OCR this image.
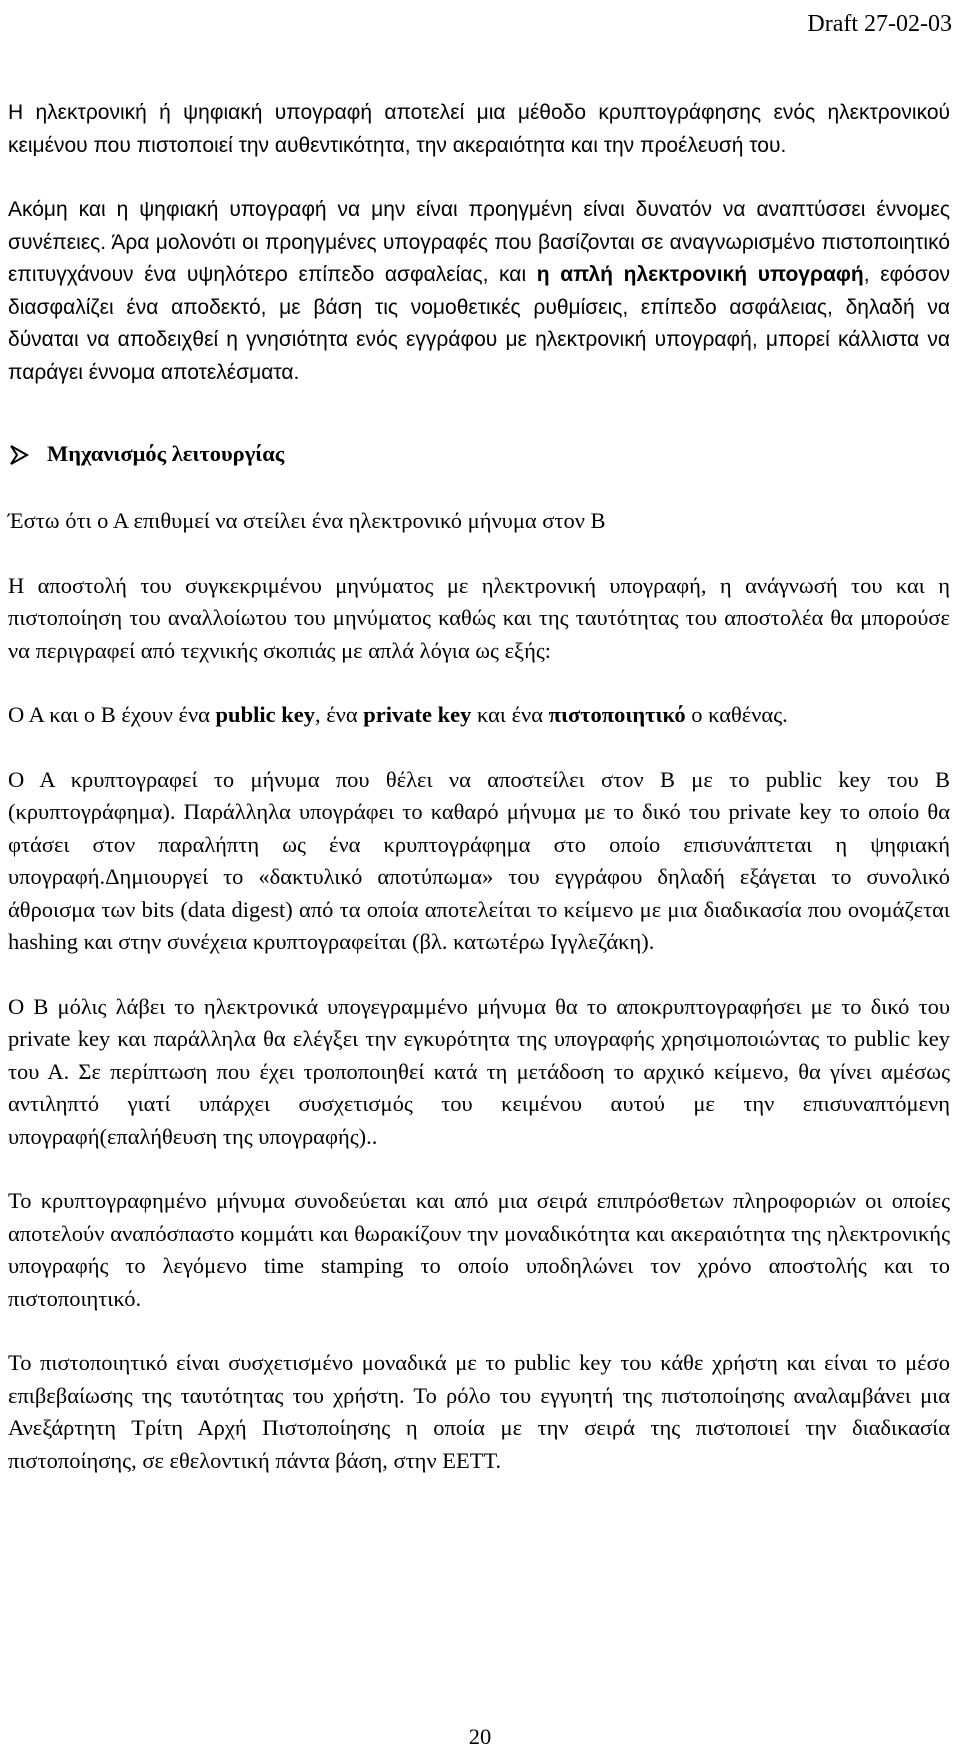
Draft 27-02-03

Η ηλεκτρονική ή ψηφιακή υπογραφή αποτελεί μια μέθοδο κρυπτογράφησης ενός ηλεκτρονικού κειμένου που πιστοποιεί την αυθεντικότητα, την ακεραιότητα και την προέλευσή του.

Ακόμη και η ψηφιακή υπογραφή να μην είναι προηγμένη είναι δυνατόν να αναπτύσσει έννομες συνέπειες. Άρα μολονότι οι προηγμένες υπογραφές που βασίζονται σε αναγνωρισμένο πιστοποιητικό επιτυγχάνουν ένα υψηλότερο επίπεδο ασφαλείας, και η απλή ηλεκτρονική υπογραφή, εφόσον διασφαλίζει ένα αποδεκτό, με βάση τις νομοθετικές ρυθμίσεις, επίπεδο ασφάλειας, δηλαδή να δύναται να αποδειχθεί η γνησιότητα ενός εγγράφου με ηλεκτρονική υπογραφή, μπορεί κάλλιστα να παράγει έννομα αποτελέσματα.

Μηχανισμός λειτουργίας

Έστω ότι ο Α επιθυμεί να στείλει ένα ηλεκτρονικό μήνυμα στον Β

Η αποστολή του συγκεκριμένου μηνύματος με ηλεκτρονική υπογραφή, η ανάγνωσή του και η πιστοποίηση του αναλλοίωτου του μηνύματος καθώς και της ταυτότητας του αποστολέα θα μπορούσε να περιγραφεί από τεχνικής σκοπιάς με απλά λόγια ως εξής:

Ο Α και ο Β έχουν ένα public key, ένα private key και ένα πιστοποιητικό ο καθένας.

Ο Α κρυπτογραφεί το μήνυμα που θέλει να αποστείλει στον Β με το public key του Β (κρυπτογράφημα). Παράλληλα υπογράφει το καθαρό μήνυμα με το δικό του private key το οποίο θα φτάσει στον παραλήπτη ως ένα κρυπτογράφημα στο οποίο επισυνάπτεται η ψηφιακή υπογραφή.Δημιουργεί το «δακτυλικό αποτύπωμα» του εγγράφου δηλαδή εξάγεται το συνολικό άθροισμα των bits (data digest) από τα οποία αποτελείται το κείμενο με μια διαδικασία που ονομάζεται hashing και στην συνέχεια κρυπτογραφείται (βλ. κατωτέρω Ιγγλεζάκη).

Ο Β μόλις λάβει το ηλεκτρονικά υπογεγραμμένο μήνυμα θα το αποκρυπτογραφήσει με το δικό του private key και παράλληλα θα ελέγξει την εγκυρότητα της υπογραφής χρησιμοποιώντας το public key του Α. Σε περίπτωση που έχει τροποποιηθεί κατά τη μετάδοση το αρχικό κείμενο, θα γίνει αμέσως αντιληπτό γιατί υπάρχει συσχετισμός του κειμένου αυτού με την επισυναπτόμενη υπογραφή(επαλήθευση της υπογραφής)..

Το κρυπτογραφημένο μήνυμα συνοδεύεται και από μια σειρά επιπρόσθετων πληροφοριών οι οποίες αποτελούν αναπόσπαστο κομμάτι και θωρακίζουν την μοναδικότητα και ακεραιότητα της ηλεκτρονικής υπογραφής το λεγόμενο time stamping το οποίο υποδηλώνει τον χρόνο αποστολής και το πιστοποιητικό.

Το πιστοποιητικό είναι συσχετισμένο μοναδικά με το public key του κάθε χρήστη και είναι το μέσο επιβεβαίωσης της ταυτότητας του χρήστη. Το ρόλο του εγγυητή της πιστοποίησης αναλαμβάνει μια Ανεξάρτητη Τρίτη Αρχή Πιστοποίησης η οποία με την σειρά της πιστοποιεί την διαδικασία πιστοποίησης, σε εθελοντική πάντα βάση, στην ΕΕΤΤ.

20
